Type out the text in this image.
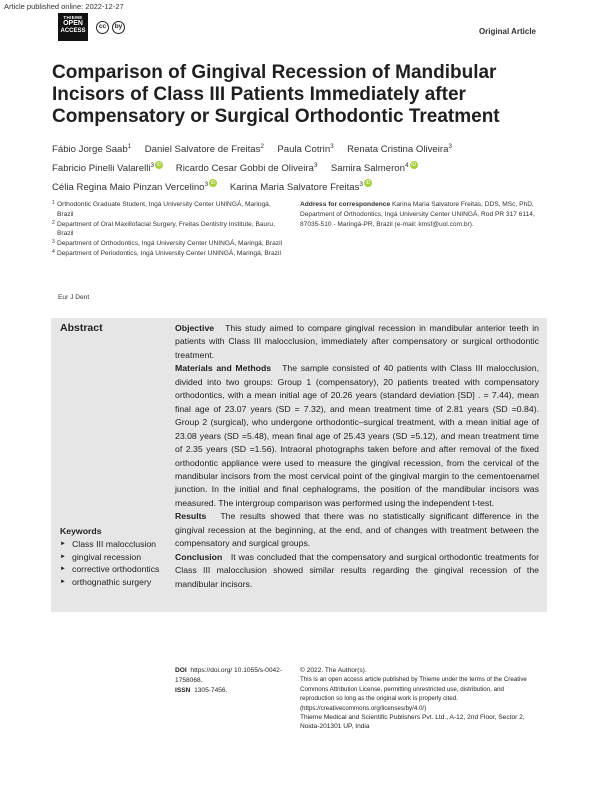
Article published online: 2022-12-27
THIEME
OPEN
ACCESS
cc	by
Original Article
Comparison of Gingival Recession of Mandibular Incisors of Class III Patients Immediately after Compensatory or Surgical Orthodontic Treatment
Fábio Jorge Saab$^1$ Daniel Salvatore de Freitas$^2$ Paula Cotrin$^3$ Renata Cristina Oliveira$^3$
Fabricio Pinelli Valarelli$^3$ iD Ricardo Cesar Gobbi de Oliveira$^3$ Samira Salmeron$^4$ iD
Célia Regina Maio Pinzan Vercelino$^3$ iD Karina Maria Salvatore Freitas$^3$ iD
1 Orthodontic Graduate Student, Ingá University Center UNINGÁ, Maringá, Brazil
2 Department of Oral Maxillofacial Surgery, Freitas Dentistry Institute, Bauru, Brazil
3 Department of Orthodontics, Ingá University Center UNINGÁ, Maringá, Brazil
4 Department of Periodontics, Ingá University Center UNINGÁ, Maringá, Brazil
Address for correspondence Karina Maria Salvatore Freitas, DDS, MSc, PhD, Department of Orthodontics, Ingá University Center UNINGÁ, Rod PR 317 6114, 87035-510 - Maringá-PR, Brazil (e-mail: kmsf@uol.com.br).
Eur J Dent
Abstract	Objective This study aimed to compare gingival recession in mandibular anterior teeth in patients with Class III malocclusion, immediately after compensatory or surgical orthodontic treatment.
Materials and Methods The sample consisted of 40 patients with Class III malocclusion, divided into two groups: Group 1 (compensatory), 20 patients treated with compensatory orthodontics, with a mean initial age of 20.26 years (standard deviation [SD] . = 7.44), mean final age of 23.07 years (SD = 7.32), and mean treatment time of 2.81 years (SD =0.84). Group 2 (surgical), who undergone orthodontic–surgical treatment, with a mean initial age of 23.08 years (SD =5.48), mean final age of 25.43 years (SD =5.12), and mean treatment time of 2.35 years (SD =1.56). Intraoral photographs taken before and after removal of the fixed orthodontic appliance were used to measure the gingival recession, from the cervical of the mandibular incisors from the most cervical point of the gingival margin to the cementoenamel junction. In the initial and final cephalograms, the position of the mandibular incisors was measured. The intergroup comparison was performed using the independent t-test.
Results The results showed that there was no statistically significant difference in the gingival recession at the beginning, at the end, and of changes with treatment between the compensatory and surgical groups.
Conclusion It was concluded that the compensatory and surgical orthodontic treatments for Class III malocclusion showed similar results regarding the gingival recession of the mandibular incisors.
Keywords
► Class III malocclusion
► gingival recession
► corrective orthodontics
► orthognathic surgery
DOI https://doi.org/ 10.1055/s-0042-1758068.
ISSN 1305-7456.
© 2022. The Author(s).
This is an open access article published by Thieme under the terms of the Creative Commons Attribution License, permitting unrestricted use, distribution, and reproduction so long as the original work is properly cited. (https://creativecommons.org/licenses/by/4.0/)
Thieme Medical and Scientific Publishers Pvt. Ltd., A-12, 2nd Floor, Sector 2, Noida-201301 UP, India
